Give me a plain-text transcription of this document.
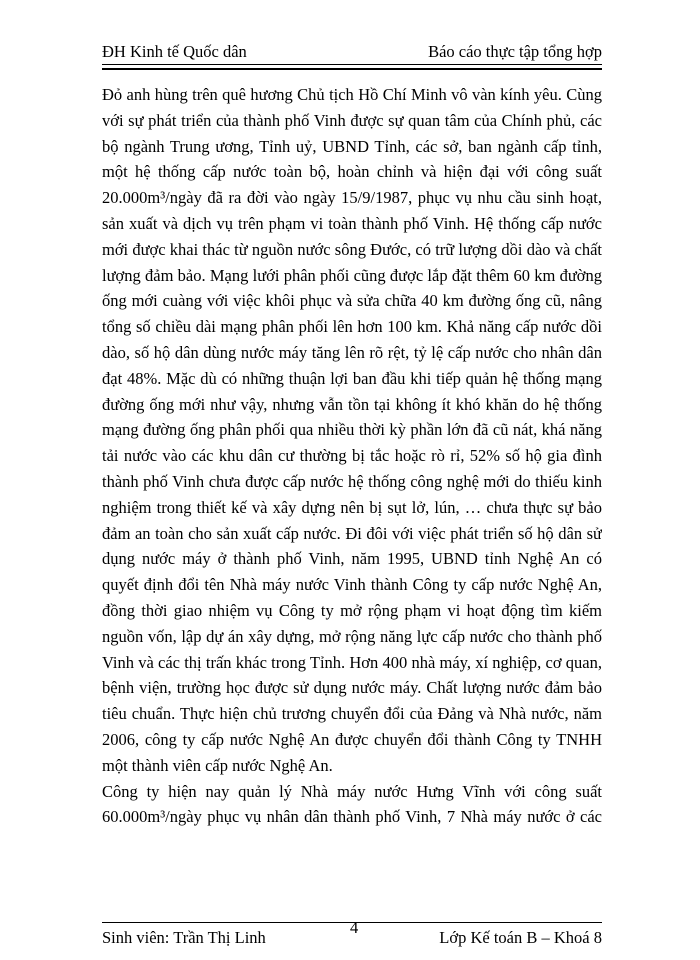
ĐH Kinh tế Quốc dân	Báo cáo thực tập tổng hợp
Đỏ anh hùng trên quê hương Chủ tịch Hồ Chí Minh vô vàn kính yêu. Cùng
với sự phát triển của thành phố Vinh được sự quan tâm của Chính phủ, các
bộ ngành Trung ương, Tỉnh uỷ, UBND Tỉnh, các sở, ban ngành cấp tỉnh,
một hệ thống cấp nước toàn bộ, hoàn chỉnh và hiện đại với công suất
20.000m³/ngày đã ra đời vào ngày 15/9/1987, phục vụ nhu cầu sinh hoạt,
sản xuất và dịch vụ trên phạm vi toàn thành phố Vinh. Hệ thống cấp nước
mới được khai thác từ nguồn nước sông Đước, có trữ lượng dồi dào và chất
lượng đảm bảo. Mạng lưới phân phối cũng được lắp đặt thêm 60 km đường
ống mới cuàng với việc khôi phục và sửa chữa 40 km đường ống cũ, nâng
tổng số chiều dài mạng phân phối lên hơn 100 km. Khả năng cấp nước dồi
dào, số hộ dân dùng nước máy tăng lên rõ rệt, tỷ lệ cấp nước cho nhân dân
đạt 48%. Mặc dù có những thuận lợi ban đầu khi tiếp quản hệ thống mạng
đường ống mới như vậy, nhưng vẫn tồn tại không ít khó khăn do hệ thống
mạng đường ống phân phối qua nhiều thời kỳ phần lớn đã cũ nát, khá năng
tải nước vào các khu dân cư thường bị tắc hoặc rò rỉ, 52% số hộ gia đình
thành phố Vinh chưa được cấp nước hệ thống công nghệ mới do thiếu kinh
nghiệm trong thiết kế và xây dựng nên bị sụt lở, lún, … chưa thực sự bảo
đảm an toàn cho sản xuất cấp nước. Đi đôi với việc phát triển số hộ dân sử
dụng nước máy ở thành phố Vinh, năm 1995, UBND tỉnh Nghệ An có
quyết định đổi tên Nhà máy nước Vinh thành Công ty cấp nước Nghệ An,
đồng thời giao nhiệm vụ Công ty mở rộng phạm vi hoạt động tìm kiếm
nguồn vốn, lập dự án xây dựng, mở rộng năng lực cấp nước cho thành phố
Vinh và các thị trấn khác trong Tỉnh. Hơn 400 nhà máy, xí nghiệp, cơ quan,
bệnh viện, trường học được sử dụng nước máy. Chất lượng nước đảm bảo
tiêu chuẩn. Thực hiện chủ trương chuyển đổi của Đảng và Nhà nước, năm
2006, công ty cấp nước Nghệ An được chuyển đổi thành Công ty TNHH
một thành viên cấp nước Nghệ An.
Công ty hiện nay quản lý Nhà máy nước Hưng Vĩnh với công suất
60.000m³/ngày phục vụ nhân dân thành phố Vinh, 7 Nhà máy nước ở các
Sinh viên: Trần Thị Linh
4
Lớp Kế toán B – Khoá 8
